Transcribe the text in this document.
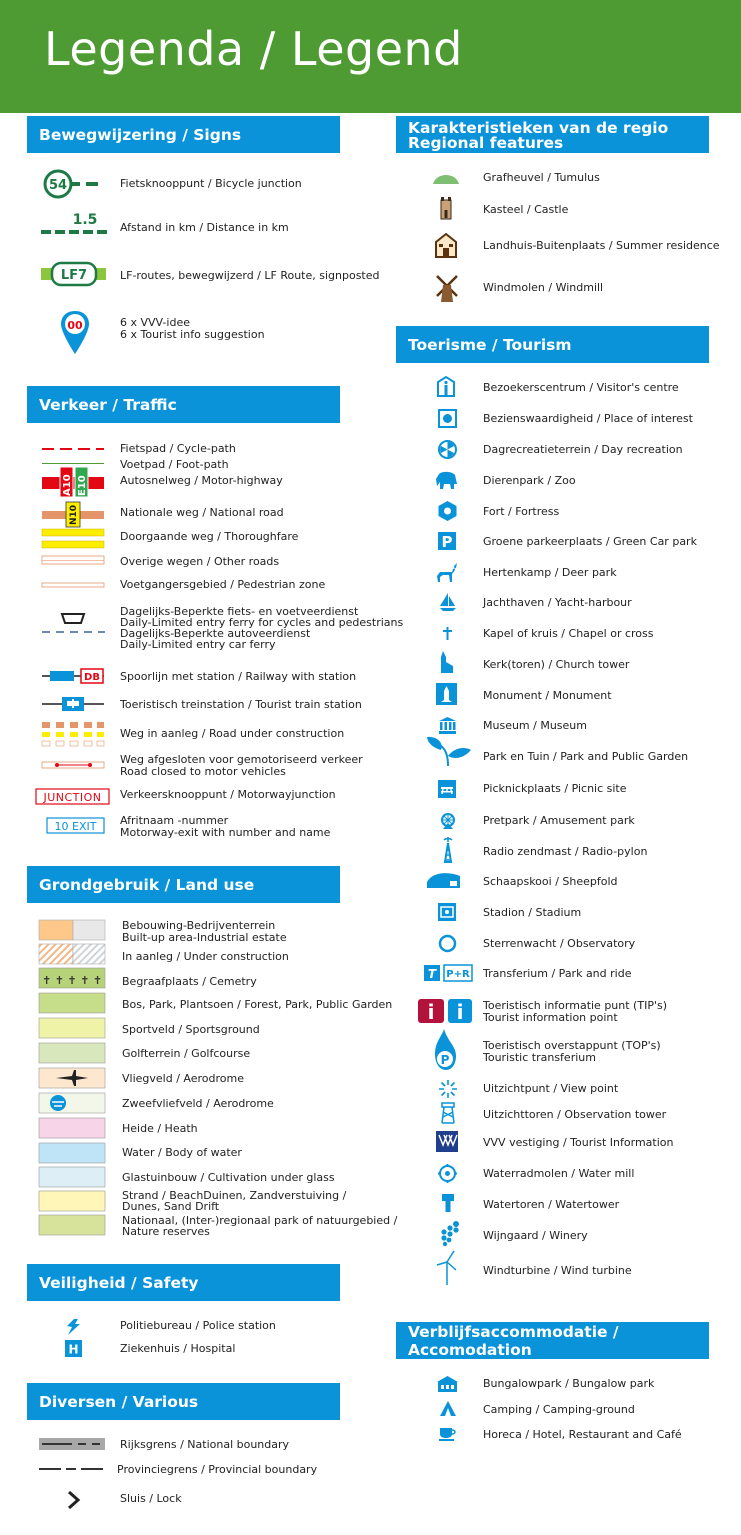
Legenda / Legend
Bewegwijzering / Signs
54	Fietsknooppunt / Bicycle junction
1.5 Afstand in km / Distance in km
LF7	LF-routes, bewegwijzerd / LF Route, signposted
00	6 x VVV-idee
6 x Tourist info suggestion
Verkeer / Traffic
A10 E10
N10
Fietspad / Cycle-path
Voetpad / Foot-path
Autosnelweg / Motor-highway
Nationale weg / National road
Doorgaande weg / Thoroughfare
Overige wegen / Other roads
Voetgangersgebied / Pedestrian zone
Dagelijks-Beperkte fiets- en voetveerdienst
Daily-Limited entry ferry for cycles and pedestrians
Dagelijks-Beperkte autoveerdienst
Daily-Limited entry car ferry
DB Spoorlijn met station / Railway with station
Toeristisch treinstation / Tourist train station
Weg in aanleg / Road under construction
Weg afgesloten voor gemotoriseerd verkeer
Road closed to motor vehicles
JUNCTION Verkeersknooppunt / Motorwayjunction
10 EXIT Afritnaam -nummer
Motorway-exit with number and name
Grondgebruik / Land use
✝ ✝ ✝ ✝ ✝
Bebouwing-Bedrijventerrein
Built-up area-Industrial estate
In aanleg / Under construction
Begraafplaats / Cemetry
Bos, Park, Plantsoen / Forest, Park, Public Garden
Sportveld / Sportsground
Golfterrein / Golfcourse
Vliegveld / Aerodrome
Zweefvliefveld / Aerodrome
Heide / Heath
Water / Body of water
Glastuinbouw / Cultivation under glass
Strand / BeachDuinen, Zandverstuiving /
Dunes, Sand Drift
Nationaal, (Inter-)regionaal park of natuurgebied /
Nature reserves
Veiligheid / Safety
Politiebureau / Police station
H	Ziekenhuis / Hospital
Diversen / Various
Rijksgrens / National boundary
Provinciegrens / Provincial boundary
Sluis / Lock
Karakteristieken van de regio
Regional features
Grafheuvel / Tumulus
Kasteel / Castle
Landhuis-Buitenplaats / Summer residence
Windmolen / Windmill
Toerisme / Tourism
Bezoekerscentrum / Visitor's centre
Bezienswaardigheid / Place of interest
Dagrecreatieterrein / Day recreation
Dierenpark / Zoo
Fort / Fortress
P	Groene parkeerplaats / Green Car park
Hertenkamp / Deer park
Jachthaven / Yacht-harbour
Kapel of kruis / Chapel or cross
Kerk(toren) / Church tower
Monument / Monument
Museum / Museum
Park en Tuin / Park and Public Garden
Picknickplaats / Picnic site
Pretpark / Amusement park
Radio zendmast / Radio-pylon
Schaapskooi / Sheepfold
Stadion / Stadium
Sterrenwacht / Observatory
T P+R Transferium / Park and ride
i i Toeristisch informatie punt (TIP's)
Tourist information point
P
Toeristisch overstappunt (TOP's)
Touristic transferium
Uitzichtpunt / View point
Uitzichttoren / Observation tower
VVV vestiging / Tourist Information
Waterradmolen / Water mill
Watertoren / Watertower
Wijngaard / Winery
Windturbine / Wind turbine
Verblijfsaccommodatie / Accomodation
Bungalowpark / Bungalow park
Camping / Camping-ground
Horeca / Hotel, Restaurant and Café
